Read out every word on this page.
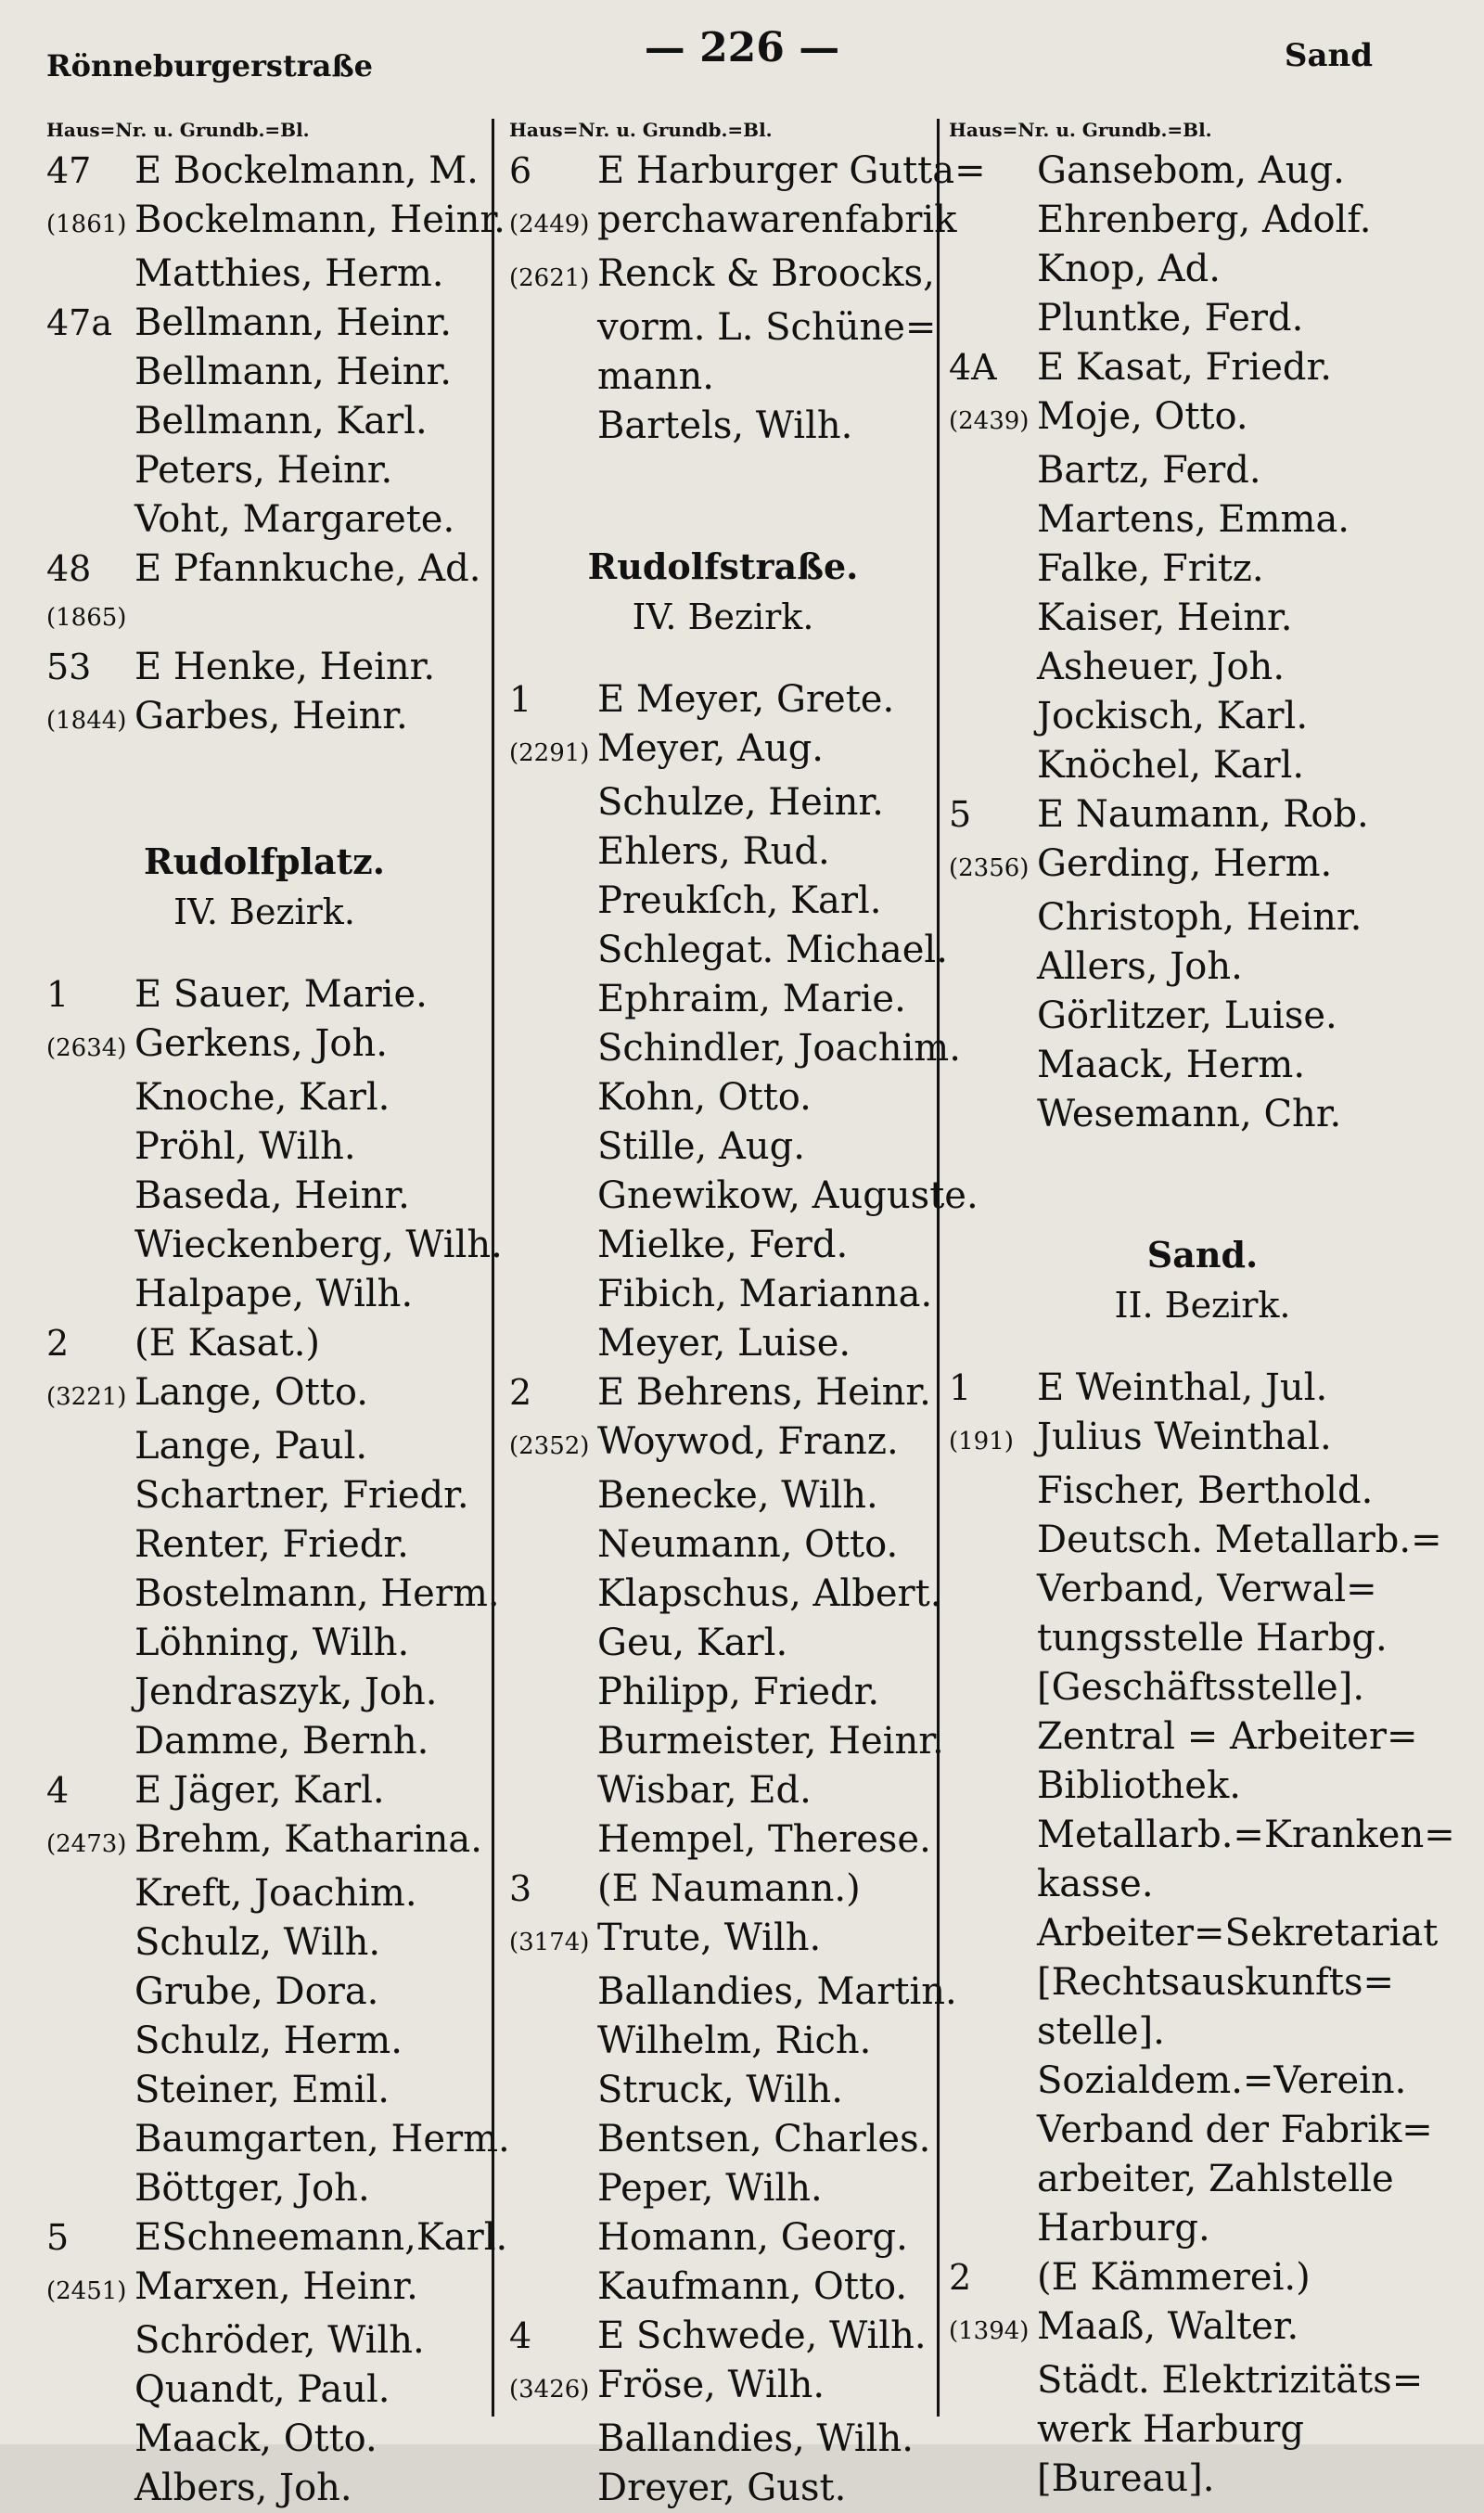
Rönneburgerstraße	— 226 —	Sand
Haus=Nr. u. Grundb.=Bl.
47	E Bockelmann, M.
(1861) Bockelmann, Heinr.
Matthies, Herm.
47a Bellmann, Heinr.
Bellmann, Heinr.
Bellmann, Karl.
Peters, Heinr.
Voht, Margarete.
48	E Pfannkuche, Ad.
(1865)
53	E Henke, Heinr.
(1844) Garbes, Heinr.
Rudolfplatz.
IV. Bezirk.
1	E Sauer, Marie.
(2634) Gerkens, Joh.
Knoche, Karl.
Pröhl, Wilh.
Baseda, Heinr.
Wieckenberg, Wilh.
Halpape, Wilh.
2	(E Kasat.)
(3221) Lange, Otto.
Lange, Paul.
Schartner, Friedr.
Renter, Friedr.
Bostelmann, Herm.
Löhning, Wilh.
Jendraszyk, Joh.
Damme, Bernh.
4	E Jäger, Karl.
(2473) Brehm, Katharina.
Kreft, Joachim.
Schulz, Wilh.
Grube, Dora.
Schulz, Herm.
Steiner, Emil.
Baumgarten, Herm.
Böttger, Joh.
5	ESchneemann,Karl.
(2451) Marxen, Heinr.
Schröder, Wilh.
Quandt, Paul.
Maack, Otto.
Albers, Joh.
Haus=Nr. u. Grundb.=Bl.
6	E Harburger Gutta=
(2449) perchawarenfabrik
(2621) Renck & Broocks,
vorm. L. Schüne=
mann.
Bartels, Wilh.
Rudolfstraße.
IV. Bezirk.
1	E Meyer, Grete.
(2291) Meyer, Aug.
Schulze, Heinr.
Ehlers, Rud.
Preukſch, Karl.
Schlegat. Michael.
Ephraim, Marie.
Schindler, Joachim.
Kohn, Otto.
Stille, Aug.
Gnewikow, Auguste.
Mielke, Ferd.
Fibich, Marianna.
Meyer, Luise.
2	E Behrens, Heinr.
(2352) Woywod, Franz.
Benecke, Wilh.
Neumann, Otto.
Klapschus, Albert.
Geu, Karl.
Philipp, Friedr.
Burmeister, Heinr.
Wisbar, Ed.
Hempel, Therese.
3	(E Naumann.)
(3174) Trute, Wilh.
Ballandies, Martin.
Wilhelm, Rich.
Struck, Wilh.
Bentsen, Charles.
Peper, Wilh.
Homann, Georg.
Kaufmann, Otto.
4	E Schwede, Wilh.
(3426) Fröse, Wilh.
Ballandies, Wilh.
Dreyer, Gust.
Haus=Nr. u. Grundb.=Bl.
Gansebom, Aug.
Ehrenberg, Adolf.
Knop, Ad.
Pluntke, Ferd.
4A	E Kasat, Friedr.
(2439) Moje, Otto.
Bartz, Ferd.
Martens, Emma.
Falke, Fritz.
Kaiser, Heinr.
Asheuer, Joh.
Jockisch, Karl.
Knöchel, Karl.
5	E Naumann, Rob.
(2356) Gerding, Herm.
Christoph, Heinr.
Allers, Joh.
Görlitzer, Luise.
Maack, Herm.
Wesemann, Chr.
Sand.
II. Bezirk.
1	E Weinthal, Jul.
(191) Julius Weinthal.
Fischer, Berthold.
Deutsch. Metallarb.=
Verband, Verwal=
tungsstelle Harbg.
[Geschäftsstelle].
Zentral = Arbeiter=
Bibliothek.
Metallarb.=Kranken=
kasse.
Arbeiter=Sekretariat
[Rechtsauskunfts=
stelle].
Sozialdem.=Verein.
Verband der Fabrik=
arbeiter, Zahlstelle
Harburg.
2	(E Kämmerei.)
(1394) Maaß, Walter.
Städt. Elektrizitäts=
werk Harburg
[Bureau].
